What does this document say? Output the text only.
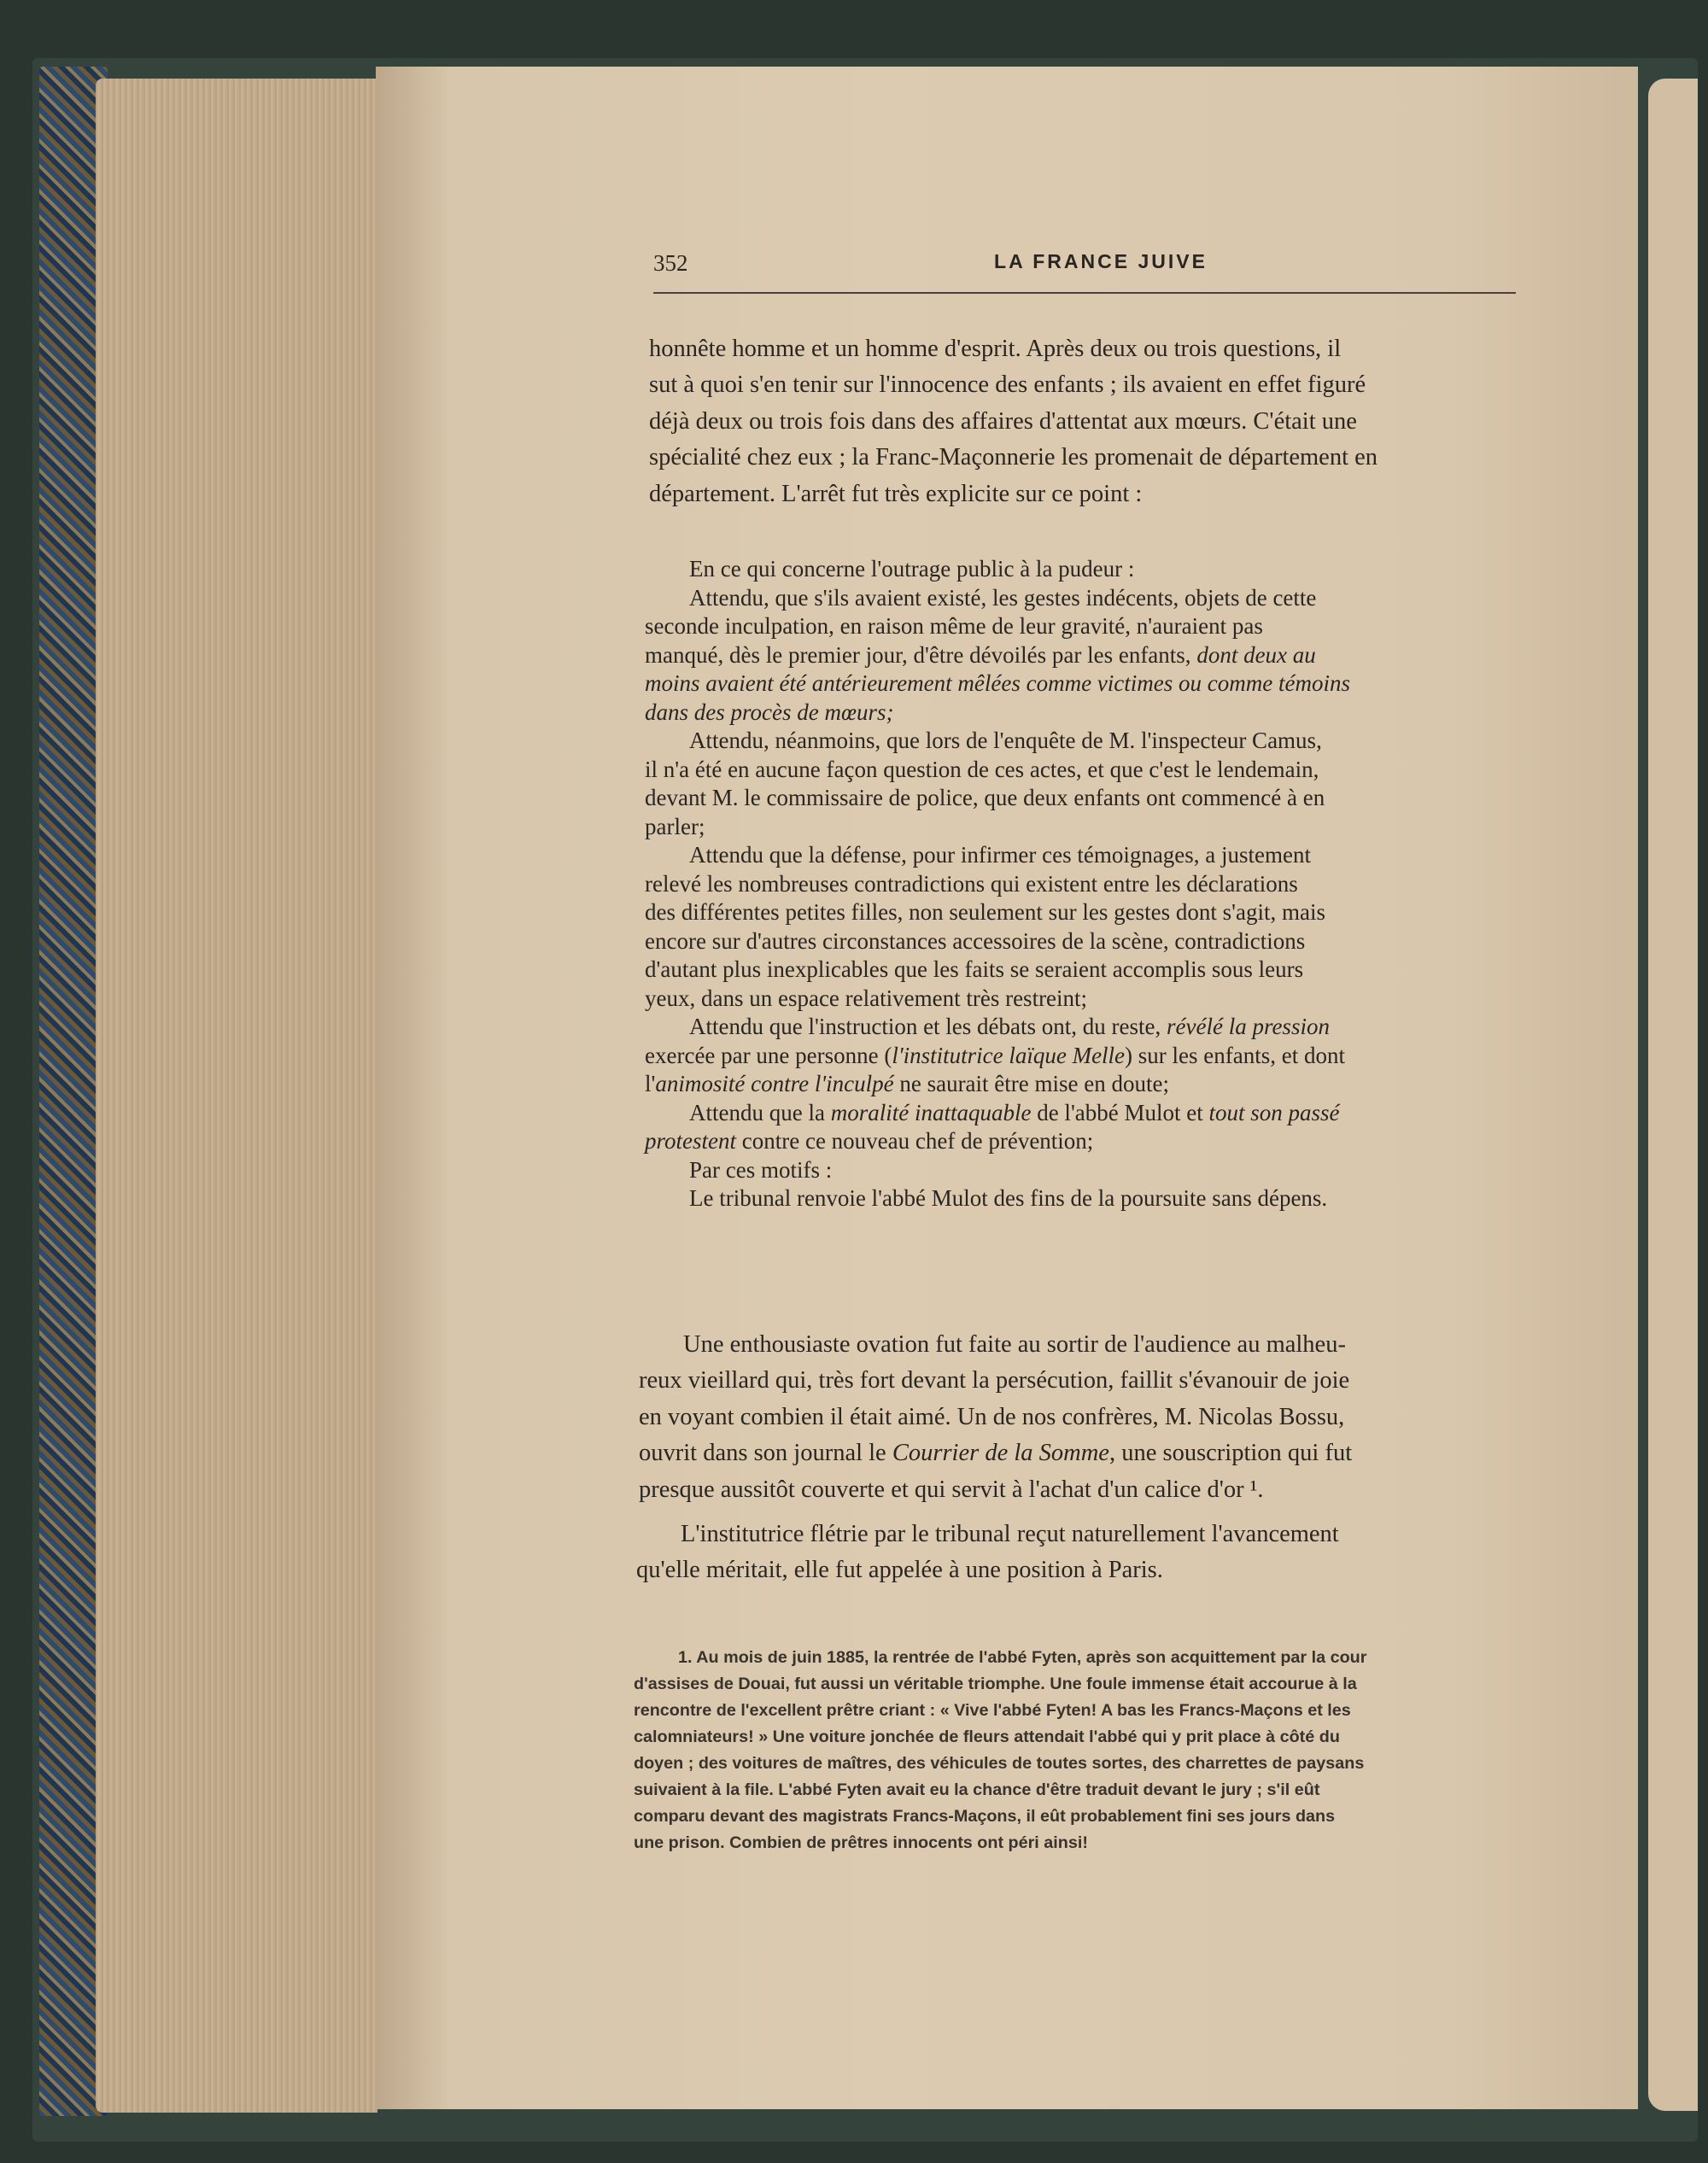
352	LA FRANCE JUIVE
honnête homme et un homme d'esprit. Après deux ou trois questions, il
sut à quoi s'en tenir sur l'innocence des enfants ; ils avaient en effet figuré
déjà deux ou trois fois dans des affaires d'attentat aux mœurs. C'était une
spécialité chez eux ; la Franc-Maçonnerie les promenait de département en
département. L'arrêt fut très explicite sur ce point :
En ce qui concerne l'outrage public à la pudeur :
Attendu, que s'ils avaient existé, les gestes indécents, objets de cette
seconde inculpation, en raison même de leur gravité, n'auraient pas
manqué, dès le premier jour, d'être dévoilés par les enfants, dont deux au
moins avaient été antérieurement mêlées comme victimes ou comme témoins
dans des procès de mœurs;
Attendu, néanmoins, que lors de l'enquête de M. l'inspecteur Camus,
il n'a été en aucune façon question de ces actes, et que c'est le lendemain,
devant M. le commissaire de police, que deux enfants ont commencé à en
parler;
Attendu que la défense, pour infirmer ces témoignages, a justement
relevé les nombreuses contradictions qui existent entre les déclarations
des différentes petites filles, non seulement sur les gestes dont s'agit, mais
encore sur d'autres circonstances accessoires de la scène, contradictions
d'autant plus inexplicables que les faits se seraient accomplis sous leurs
yeux, dans un espace relativement très restreint;
Attendu que l'instruction et les débats ont, du reste, révélé la pression
exercée par une personne (l'institutrice laïque Melle) sur les enfants, et dont
l'animosité contre l'inculpé ne saurait être mise en doute;
Attendu que la moralité inattaquable de l'abbé Mulot et tout son passé
protestent contre ce nouveau chef de prévention;
Par ces motifs :
Le tribunal renvoie l'abbé Mulot des fins de la poursuite sans dépens.
Une enthousiaste ovation fut faite au sortir de l'audience au malheu-
reux vieillard qui, très fort devant la persécution, faillit s'évanouir de joie
en voyant combien il était aimé. Un de nos confrères, M. Nicolas Bossu,
ouvrit dans son journal le Courrier de la Somme, une souscription qui fut
presque aussitôt couverte et qui servit à l'achat d'un calice d'or ¹.
L'institutrice flétrie par le tribunal reçut naturellement l'avancement
qu'elle méritait, elle fut appelée à une position à Paris.
1. Au mois de juin 1885, la rentrée de l'abbé Fyten, après son acquittement par la cour
d'assises de Douai, fut aussi un véritable triomphe. Une foule immense était accourue à la
rencontre de l'excellent prêtre criant : « Vive l'abbé Fyten! A bas les Francs-Maçons et les
calomniateurs! » Une voiture jonchée de fleurs attendait l'abbé qui y prit place à côté du
doyen ; des voitures de maîtres, des véhicules de toutes sortes, des charrettes de paysans
suivaient à la file. L'abbé Fyten avait eu la chance d'être traduit devant le jury ; s'il eût
comparu devant des magistrats Francs-Maçons, il eût probablement fini ses jours dans
une prison. Combien de prêtres innocents ont péri ainsi!
